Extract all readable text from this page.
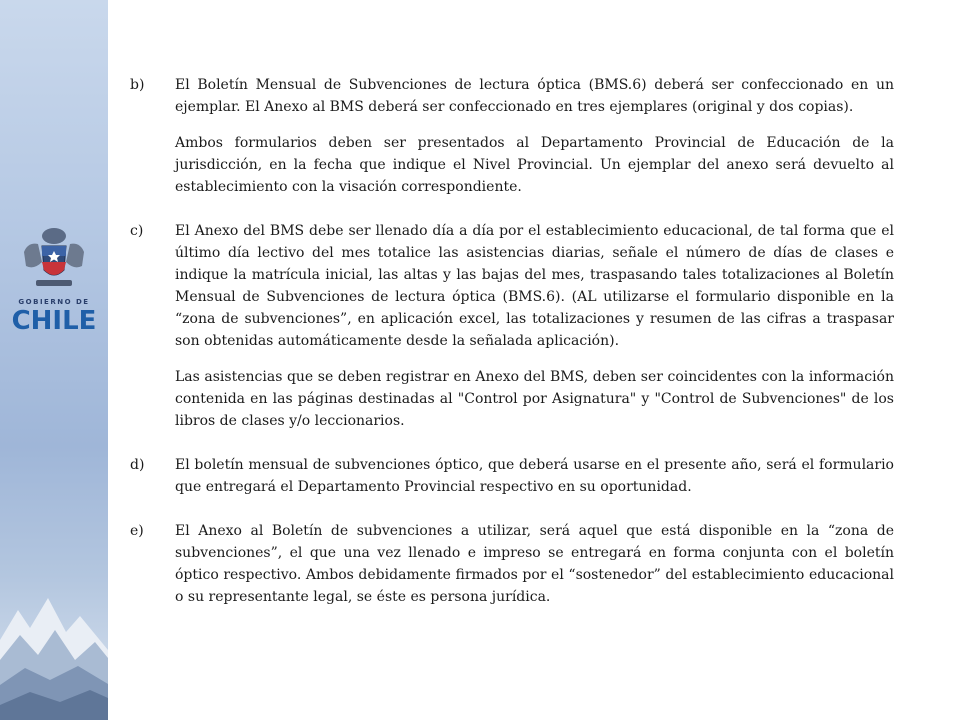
GOBIERNO DE
CHILE
b) El Boletín Mensual de Subvenciones de lectura óptica (BMS.6) deberá ser confeccionado en un ejemplar. El Anexo al BMS deberá ser confeccionado en tres ejemplares (original y dos copias).

Ambos formularios deben ser presentados al Departamento Provincial de Educación de la jurisdicción, en la fecha que indique el Nivel Provincial. Un ejemplar del anexo será devuelto al establecimiento con la visación correspondiente.

c) El Anexo del BMS debe ser llenado día a día por el establecimiento educacional, de tal forma que el último día lectivo del mes totalice las asistencias diarias, señale el número de días de clases e indique la matrícula inicial, las altas y las bajas del mes, traspasando tales totalizaciones al Boletín Mensual de Subvenciones de lectura óptica (BMS.6). (AL utilizarse el formulario disponible en la “zona de subvenciones”, en aplicación excel, las totalizaciones y resumen de las cifras a traspasar son obtenidas automáticamente desde la señalada aplicación).

Las asistencias que se deben registrar en Anexo del BMS, deben ser coincidentes con la información contenida en las páginas destinadas al "Control por Asignatura" y "Control de Subvenciones" de los libros de clases y/o leccionarios.

d) El boletín mensual de subvenciones óptico, que deberá usarse en el presente año, será el formulario que entregará el Departamento Provincial respectivo en su oportunidad.

e) El Anexo al Boletín de subvenciones a utilizar, será aquel que está disponible en la “zona de subvenciones”, el que una vez llenado e impreso se entregará en forma conjunta con el boletín óptico respectivo. Ambos debidamente firmados por el “sostenedor” del establecimiento educacional o su representante legal, se éste es persona jurídica.
